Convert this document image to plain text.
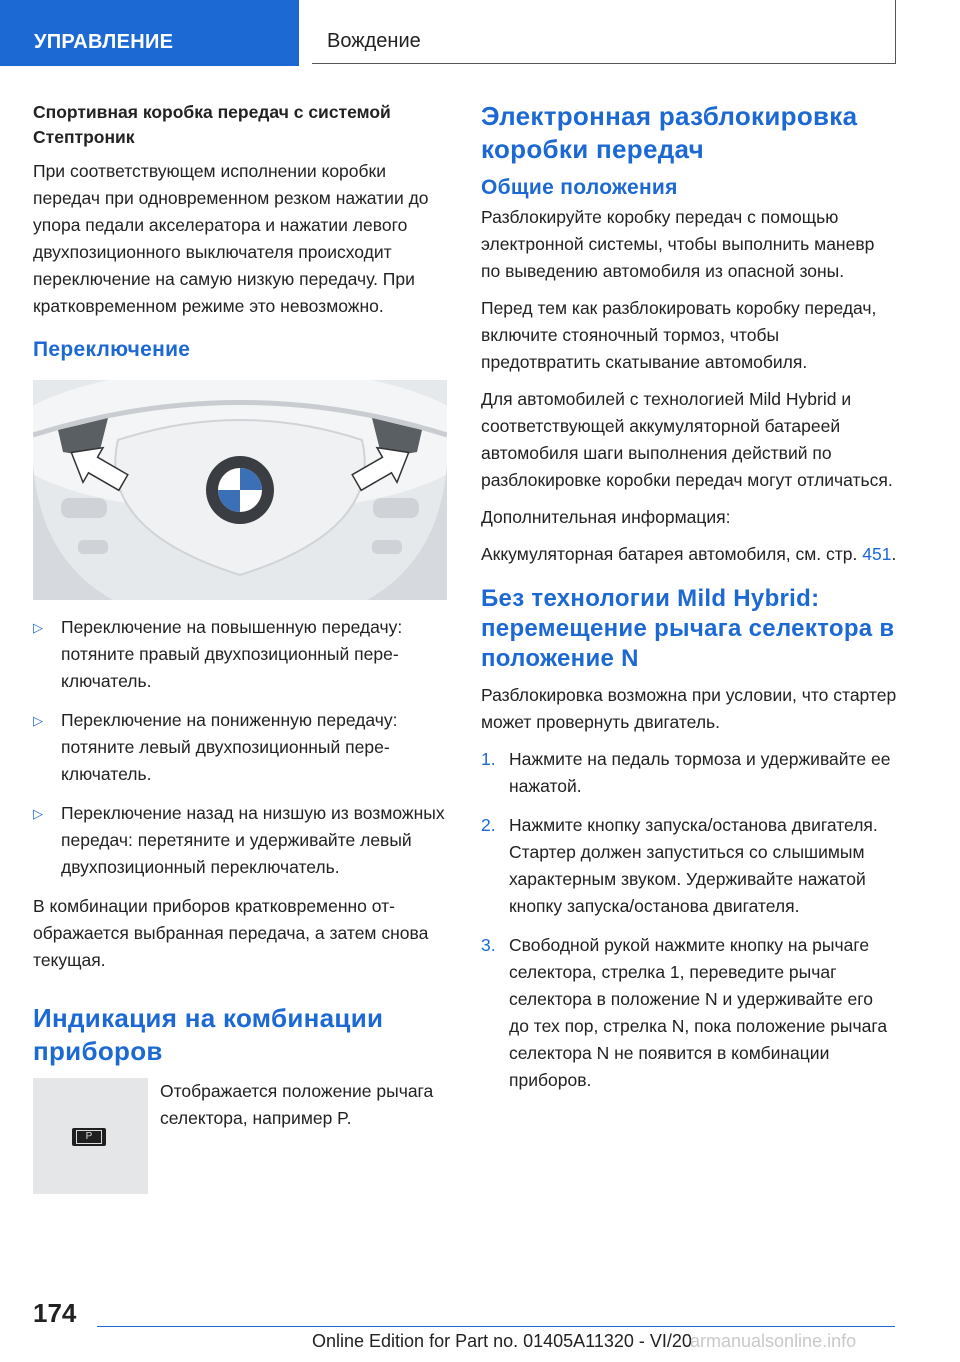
УПРАВЛЕНИЕ	Вождение
Спортивная коробка передач с системой Стептроник

При соответствующем исполнении коробки передач при одновременном резком нажатии до упора педали акселератора и нажатии левого двухпозиционного выключателя происходит переключение на самую низкую передачу. При кратковременном режиме это невозможно.

Переключение
▷ Переключение на повышенную передачу: потяните правый двухпозиционный переключатель.
▷ Переключение на пониженную передачу: потяните левый двухпозиционный переключатель.
▷ Переключение назад на низшую из возможных передач: перетяните и удерживайте левый двухпозиционный переключатель.

В комбинации приборов кратковременно отображается выбранная передача, а затем снова текущая.

Индикация на комбинации приборов
P

Отображается положение рычага селектора, например P.

Электронная разблокировка коробки передач
Общие положения

Разблокируйте коробку передач с помощью электронной системы, чтобы выполнить маневр по выведению автомобиля из опасной зоны.

Перед тем как разблокировать коробку передач, включите стояночный тормоз, чтобы предотвратить скатывание автомобиля.

Для автомобилей с технологией Mild Hybrid и соответствующей аккумуляторной батареей автомобиля шаги выполнения действий по разблокировке коробки передач могут отличаться.

Дополнительная информация:

Аккумуляторная батарея автомобиля, см. стр. 451.

Без технологии Mild Hybrid: перемещение рычага селектора в положение N

Разблокировка возможна при условии, что стартер может провернуть двигатель.

1. Нажмите на педаль тормоза и удерживайте ее нажатой.
2. Нажмите кнопку запуска/останова двигателя. Стартер должен запуститься со слышимым характерным звуком. Удерживайте нажатой кнопку запуска/останова двигателя.
3. Свободной рукой нажмите кнопку на рычаге селектора, стрелка 1, переведите рычаг селектора в положение N и удерживайте его до тех пор, стрелка N, пока положение рычага селектора N не появится в комбинации приборов.
174
Online Edition for Part no. 01405A11320 - VI/20
armanualsonline.info
